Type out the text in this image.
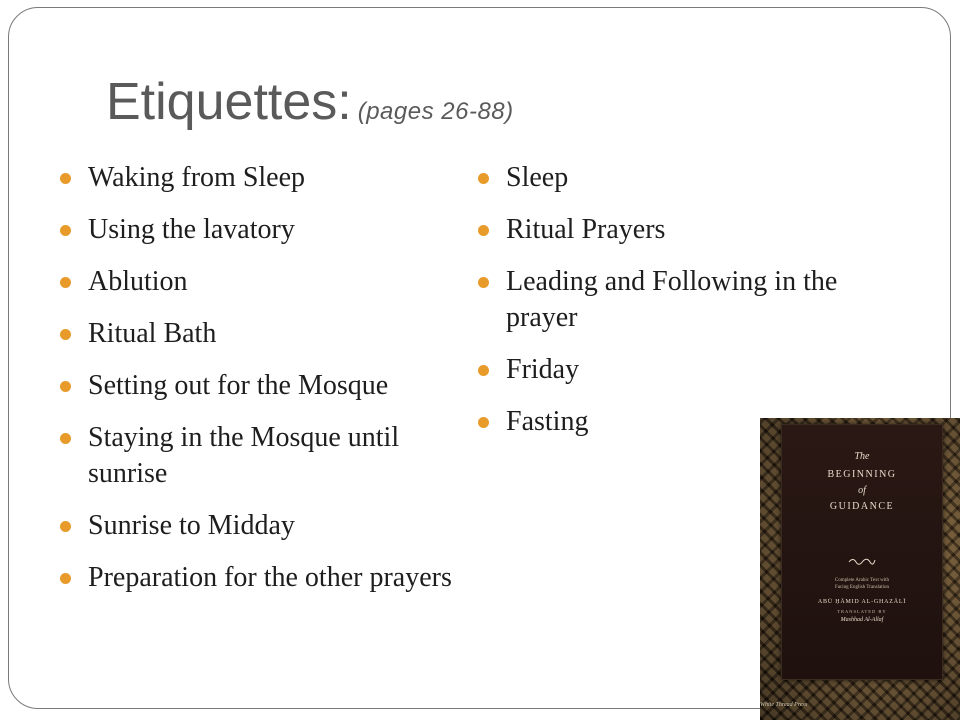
Etiquettes: (pages 26-88)
Waking from Sleep
Using the lavatory
Ablution
Ritual Bath
Setting out for the Mosque
Staying in the Mosque until sunrise
Sunrise to Midday
Preparation for the other prayers
Sleep
Ritual Prayers
Leading and Following in the prayer
Friday
Fasting
The
BEGINNING
of
GUIDANCE
Complete Arabic Text with
Facing English Translation
ABŪ ḤĀMID AL-GHAZĀLĪ
TRANSLATED BY
Mashhad Al-Allaf
White Thread Press
